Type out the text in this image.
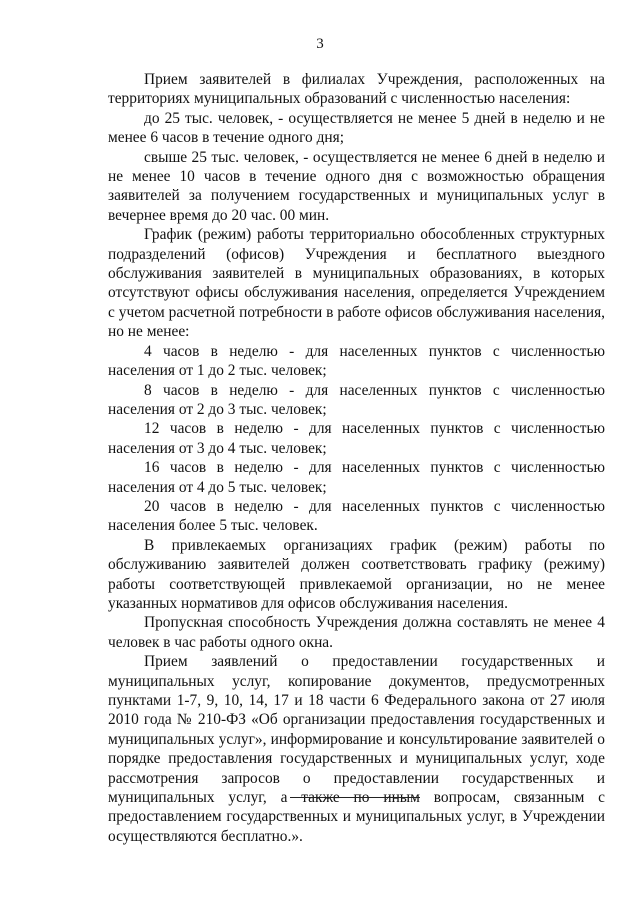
3

Прием заявителей в филиалах Учреждения, расположенных на территориях муниципальных образований с численностью населения:

до 25 тыс. человек, - осуществляется не менее 5 дней в неделю и не менее 6 часов в течение одного дня;

свыше 25 тыс. человек, - осуществляется не менее 6 дней в неделю и не менее 10 часов в течение одного дня с возможностью обращения заявителей за получением государственных и муниципальных услуг в вечернее время до 20 час. 00 мин.

График (режим) работы территориально обособленных структурных подразделений (офисов) Учреждения и бесплатного выездного обслуживания заявителей в муниципальных образованиях, в которых отсутствуют офисы обслуживания населения, определяется Учреждением с учетом расчетной потребности в работе офисов обслуживания населения, но не менее:

4 часов в неделю - для населенных пунктов с численностью населения от 1 до 2 тыс. человек;

8 часов в неделю - для населенных пунктов с численностью населения от 2 до 3 тыс. человек;

12 часов в неделю - для населенных пунктов с численностью населения от 3 до 4 тыс. человек;

16 часов в неделю - для населенных пунктов с численностью населения от 4 до 5 тыс. человек;

20 часов в неделю - для населенных пунктов с численностью населения более 5 тыс. человек.

В привлекаемых организациях график (режим) работы по обслуживанию заявителей должен соответствовать графику (режиму) работы соответствующей привлекаемой организации, но не менее указанных нормативов для офисов обслуживания населения.

Пропускная способность Учреждения должна составлять не менее 4 человек в час работы одного окна.

Прием заявлений о предоставлении государственных и муниципальных услуг, копирование документов, предусмотренных пунктами 1-7, 9, 10, 14, 17 и 18 части 6 Федерального закона от 27 июля 2010 года № 210-ФЗ «Об организации предоставления государственных и муниципальных услуг», информирование и консультирование заявителей о порядке предоставления государственных и муниципальных услуг, ходе рассмотрения запросов о предоставлении государственных и муниципальных услуг, а также по иным вопросам, связанным с предоставлением государственных и муниципальных услуг, в Учреждении осуществляются бесплатно.».
